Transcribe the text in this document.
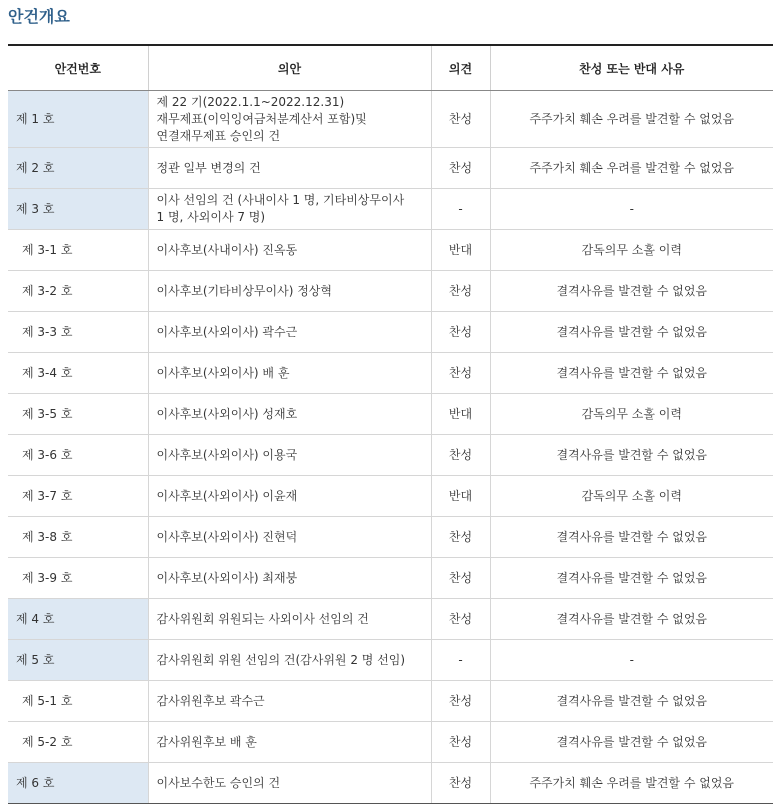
안건개요
안건번호	의안	의견	찬성 또는 반대 사유
제 1 호	제 22 기(2022.1.1~2022.12.31)
재무제표(이익잉여금처분계산서 포함)및
연결재무제표 승인의 건	찬성	주주가치 훼손 우려를 발견할 수 없었음
제 2 호	정관 일부 변경의 건	찬성	주주가치 훼손 우려를 발견할 수 없었음
제 3 호	이사 선임의 건 (사내이사 1 명, 기타비상무이사
1 명, 사외이사 7 명)	-	-
제 3-1 호	이사후보(사내이사) 진옥동	반대	감독의무 소홀 이력
제 3-2 호	이사후보(기타비상무이사) 정상혁	찬성	결격사유를 발견할 수 없었음
제 3-3 호	이사후보(사외이사) 곽수근	찬성	결격사유를 발견할 수 없었음
제 3-4 호	이사후보(사외이사) 배 훈	찬성	결격사유를 발견할 수 없었음
제 3-5 호	이사후보(사외이사) 성재호	반대	감독의무 소홀 이력
제 3-6 호	이사후보(사외이사) 이용국	찬성	결격사유를 발견할 수 없었음
제 3-7 호	이사후보(사외이사) 이윤재	반대	감독의무 소홀 이력
제 3-8 호	이사후보(사외이사) 진현덕	찬성	결격사유를 발견할 수 없었음
제 3-9 호	이사후보(사외이사) 최재붕	찬성	결격사유를 발견할 수 없었음
제 4 호	감사위원회 위원되는 사외이사 선임의 건	찬성	결격사유를 발견할 수 없었음
제 5 호	감사위원회 위원 선임의 건(감사위원 2 명 선임)	-	-
제 5-1 호	감사위원후보 곽수근	찬성	결격사유를 발견할 수 없었음
제 5-2 호	감사위원후보 배 훈	찬성	결격사유를 발견할 수 없었음
제 6 호	이사보수한도 승인의 건	찬성	주주가치 훼손 우려를 발견할 수 없었음
